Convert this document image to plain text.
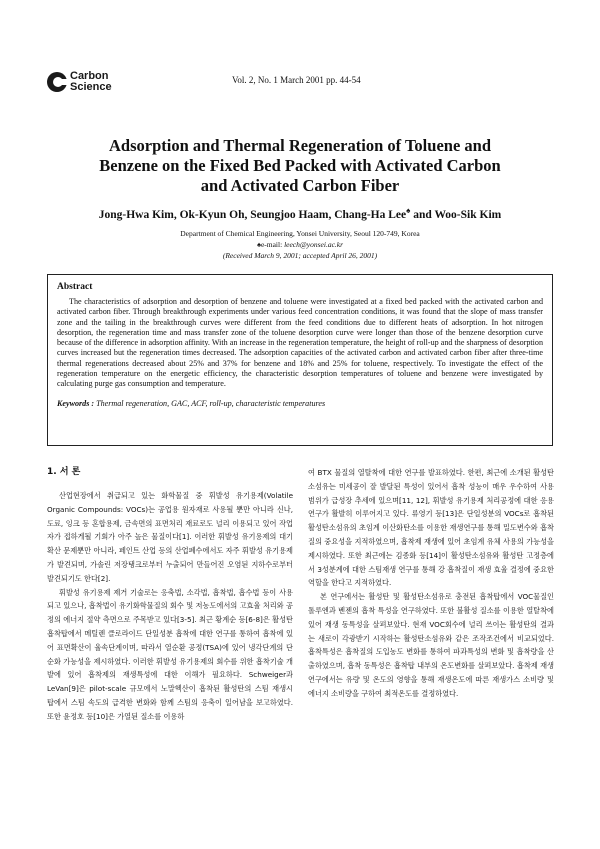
Carbon
Science
Vol. 2, No. 1 March 2001 pp. 44-54
Adsorption and Thermal Regeneration of Toluene and
Benzene on the Fixed Bed Packed with Activated Carbon
and Activated Carbon Fiber
Jong-Hwa Kim, Ok-Kyun Oh, Seungjoo Haam, Chang-Ha Lee♠ and Woo-Sik Kim
Department of Chemical Engineering, Yonsei University, Seoul 120-749, Korea
♠e-mail: leech@yonsei.ac.kr
(Received March 9, 2001; accepted April 26, 2001)
Abstract
The characteristics of adsorption and desorption of benzene and toluene were investigated at a fixed bed packed with the activated carbon and activated carbon fiber. Through breakthrough experiments under various feed concentration conditions, it was found that the slope of mass transfer zone and the tailing in the breakthrough curves were different from the feed conditions due to different heats of adsorption. In hot nitrogen desorption, the regeneration time and mass transfer zone of the toluene desorption curve were longer than those of the benzene desorption curve because of the difference in adsorption affinity. With an increase in the regeneration temperature, the height of roll-up and the sharpness of desorption curves increased but the regeneration times decreased. The adsorption capacities of the activated carbon and activated carbon fiber after three-time thermal regenerations decreased about 25% and 37% for benzene and 18% and 25% for toluene, respectively. To investigate the effect of the regeneration temperature on the energetic efficiency, the characteristic desorption temperatures of toluene and benzene were investigated by calculating purge gas consumption and temperature.
Keywords : Thermal regeneration, GAC, ACF, roll-up, characteristic temperatures
1. 서 론

산업현장에서 취급되고 있는 화학물질 중 휘발성 유기용제(Volatile Organic Compounds: VOCs)는 공업용 원자재로 사용될 뿐만 아니라 신나, 도료, 잉크 등 혼합용제, 금속면의 표면처리 재료로도 널리 이용되고 있어 작업자가 접하게될 기회가 아주 높은 물질이다[1]. 이러한 휘발성 유기용제의 대기 확산 문제뿐만 아니라, 페인트 산업 등의 산업폐수에서도 자주 휘발성 유기용제가 발견되며, 가솔린 저장탱크로부터 누출되어 만들어진 오염된 지하수로부터 발견되기도 한다[2].

휘발성 유기용제 제거 기술로는 응축법, 소각법, 흡착법, 흡수법 등이 사용되고 있으나, 흡착법이 유기화학물질의 회수 및 저농도에서의 고효율 처리와 공정의 에너지 절약 측면으로 주목받고 있다[3-5]. 최근 황계순 등[6-8]은 활성탄 흡착탑에서 메틸렌 클로라이드 단일성분 흡착에 대한 연구를 통하여 흡착에 있어 표면확산이 율속단계이며, 따라서 열순환 공정(TSA)에 있어 냉각단계의 단순화 가능성을 제시하였다. 이러한 휘발성 유기용제의 회수를 위한 흡착기술 개발에 있어 흡착제의 재생특성에 대한 이해가 필요하다. Schweiger과 LeVan[9]은 pilot-scale 규모에서 노말헥산이 흡착된 활성탄의 스팀 재생시 탑에서 스팀 속도의 급격한 변화와 함께 스팀의 응축이 일어남을 보고하였다. 또한 윤정호 등[10]은 가열된 질소를 이용하

여 BTX 물질의 열탈착에 대한 연구를 발표하였다. 한편, 최근에 소개된 활성탄소섬유는 미세공이 잘 발달된 특성이 있어서 흡착 성능이 매우 우수하여 사용 범위가 급성장 추세에 있으며[11, 12], 휘발성 유기용제 처리공정에 대한 응용연구가 활발히 이루어지고 있다. 류영기 등[13]은 단일성분의 VOCs로 흡착된 활성탄소섬유의 초임계 이산화탄소를 이용한 재생연구를 통해 밀도변수와 흡착질의 중요성을 지적하였으며, 흡착제 재생에 있어 초임계 유체 사용의 가능성을 제시하였다. 또한 최근에는 김종화 등[14]이 활성탄소섬유와 활성탄 고정층에서 3성분계에 대한 스팀재생 연구를 통해 강 흡착질이 재생 효율 결정에 중요한 역할을 한다고 지적하였다.

본 연구에서는 활성탄 및 활성탄소섬유로 충전된 흡착탑에서 VOC물질인 톨루엔과 벤젠의 흡착 특성을 연구하였다. 또한 불활성 질소를 이용한 열탈착에 있어 재생 동특성을 살펴보았다. 현재 VOC회수에 널리 쓰이는 활성탄의 결과는 새로이 각광받기 시작하는 활성탄소섬유와 같은 조작조건에서 비교되었다. 흡착특성은 흡착질의 도입농도 변화를 통하여 파과특성의 변화 및 흡착량을 산출하였으며, 흡착 동특성은 흡착탑 내부의 온도변화를 살펴보았다. 흡착제 재생 연구에서는 유량 및 온도의 영향을 통해 재생온도에 따른 재생가스 소비량 및 에너지 소비량을 구하여 최적온도를 결정하였다.
